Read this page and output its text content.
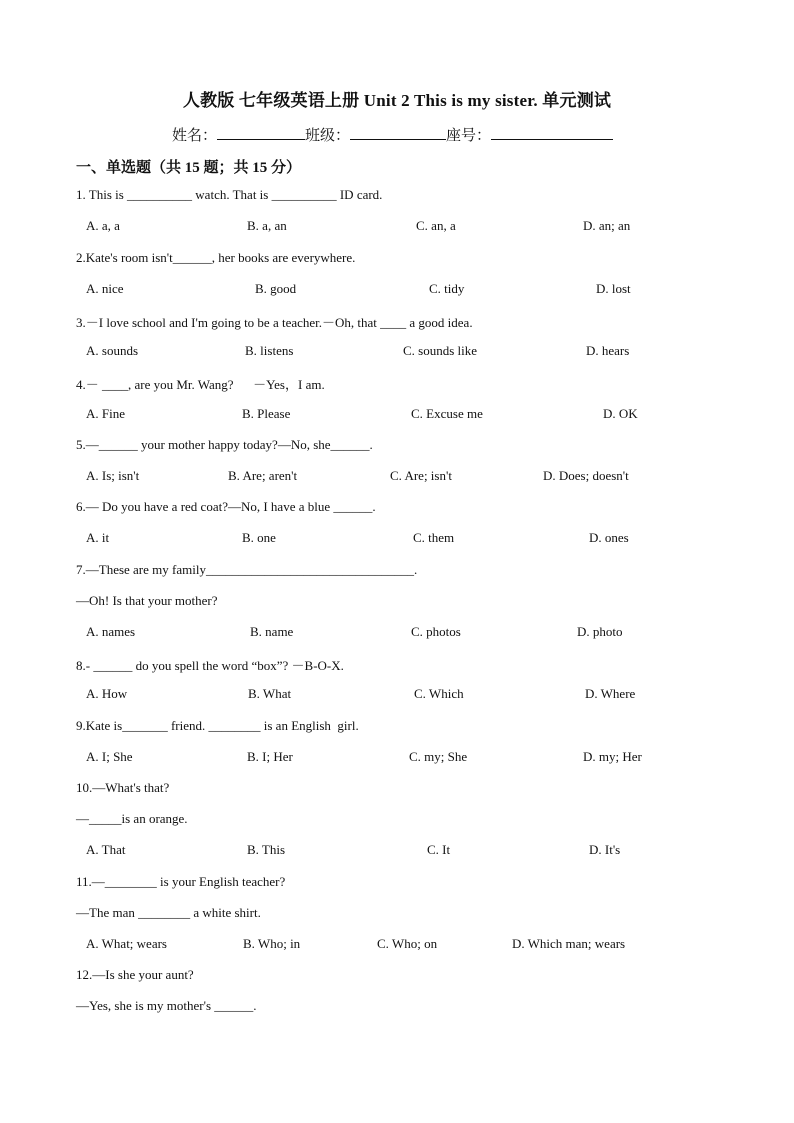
人教版 七年级英语上册 Unit 2 This is my sister. 单元测试
姓名：	班级：	座号：
一、单选题（共 15 题；共 15 分）
1. This is __________ watch. That is __________ ID card.
A. a, a	B. a, an	C. an, a	D. an; an
2.Kate's room isn't______, her books are everywhere.
A. nice	B. good	C. tidy	D. lost
3.－I love school and I'm going to be a teacher.－Oh, that ____ a good idea.
A. sounds	B. listens	C. sounds like	D. hears
4.－ ____, are you Mr. Wang?      －Yes，I am.
A. Fine	B. Please	C. Excuse me	D. OK
5.—______ your mother happy today?—No, she______.
A. Is; isn't	B. Are; aren't	C. Are; isn't	D. Does; doesn't
6.— Do you have a red coat?—No, I have a blue ______.
A. it	B. one	C. them	D. ones
7.—These are my family________________________________.
—Oh! Is that your mother?
A. names	B. name	C. photos	D. photo
8.- ______ do you spell the word “box”? －B-O-X.
A. How	B. What	C. Which	D. Where
9.Kate is_______ friend. ________ is an English  girl.
A. I; She	B. I; Her	C. my; She	D. my; Her
10.—What's that?
—_____is an orange.
A. That	B. This	C. It	D. It's
11.—________ is your English teacher?
—The man ________ a white shirt.
A. What; wears	B. Who; in	C. Who; on	D. Which man; wears
12.—Is she your aunt?
—Yes, she is my mother's ______.
